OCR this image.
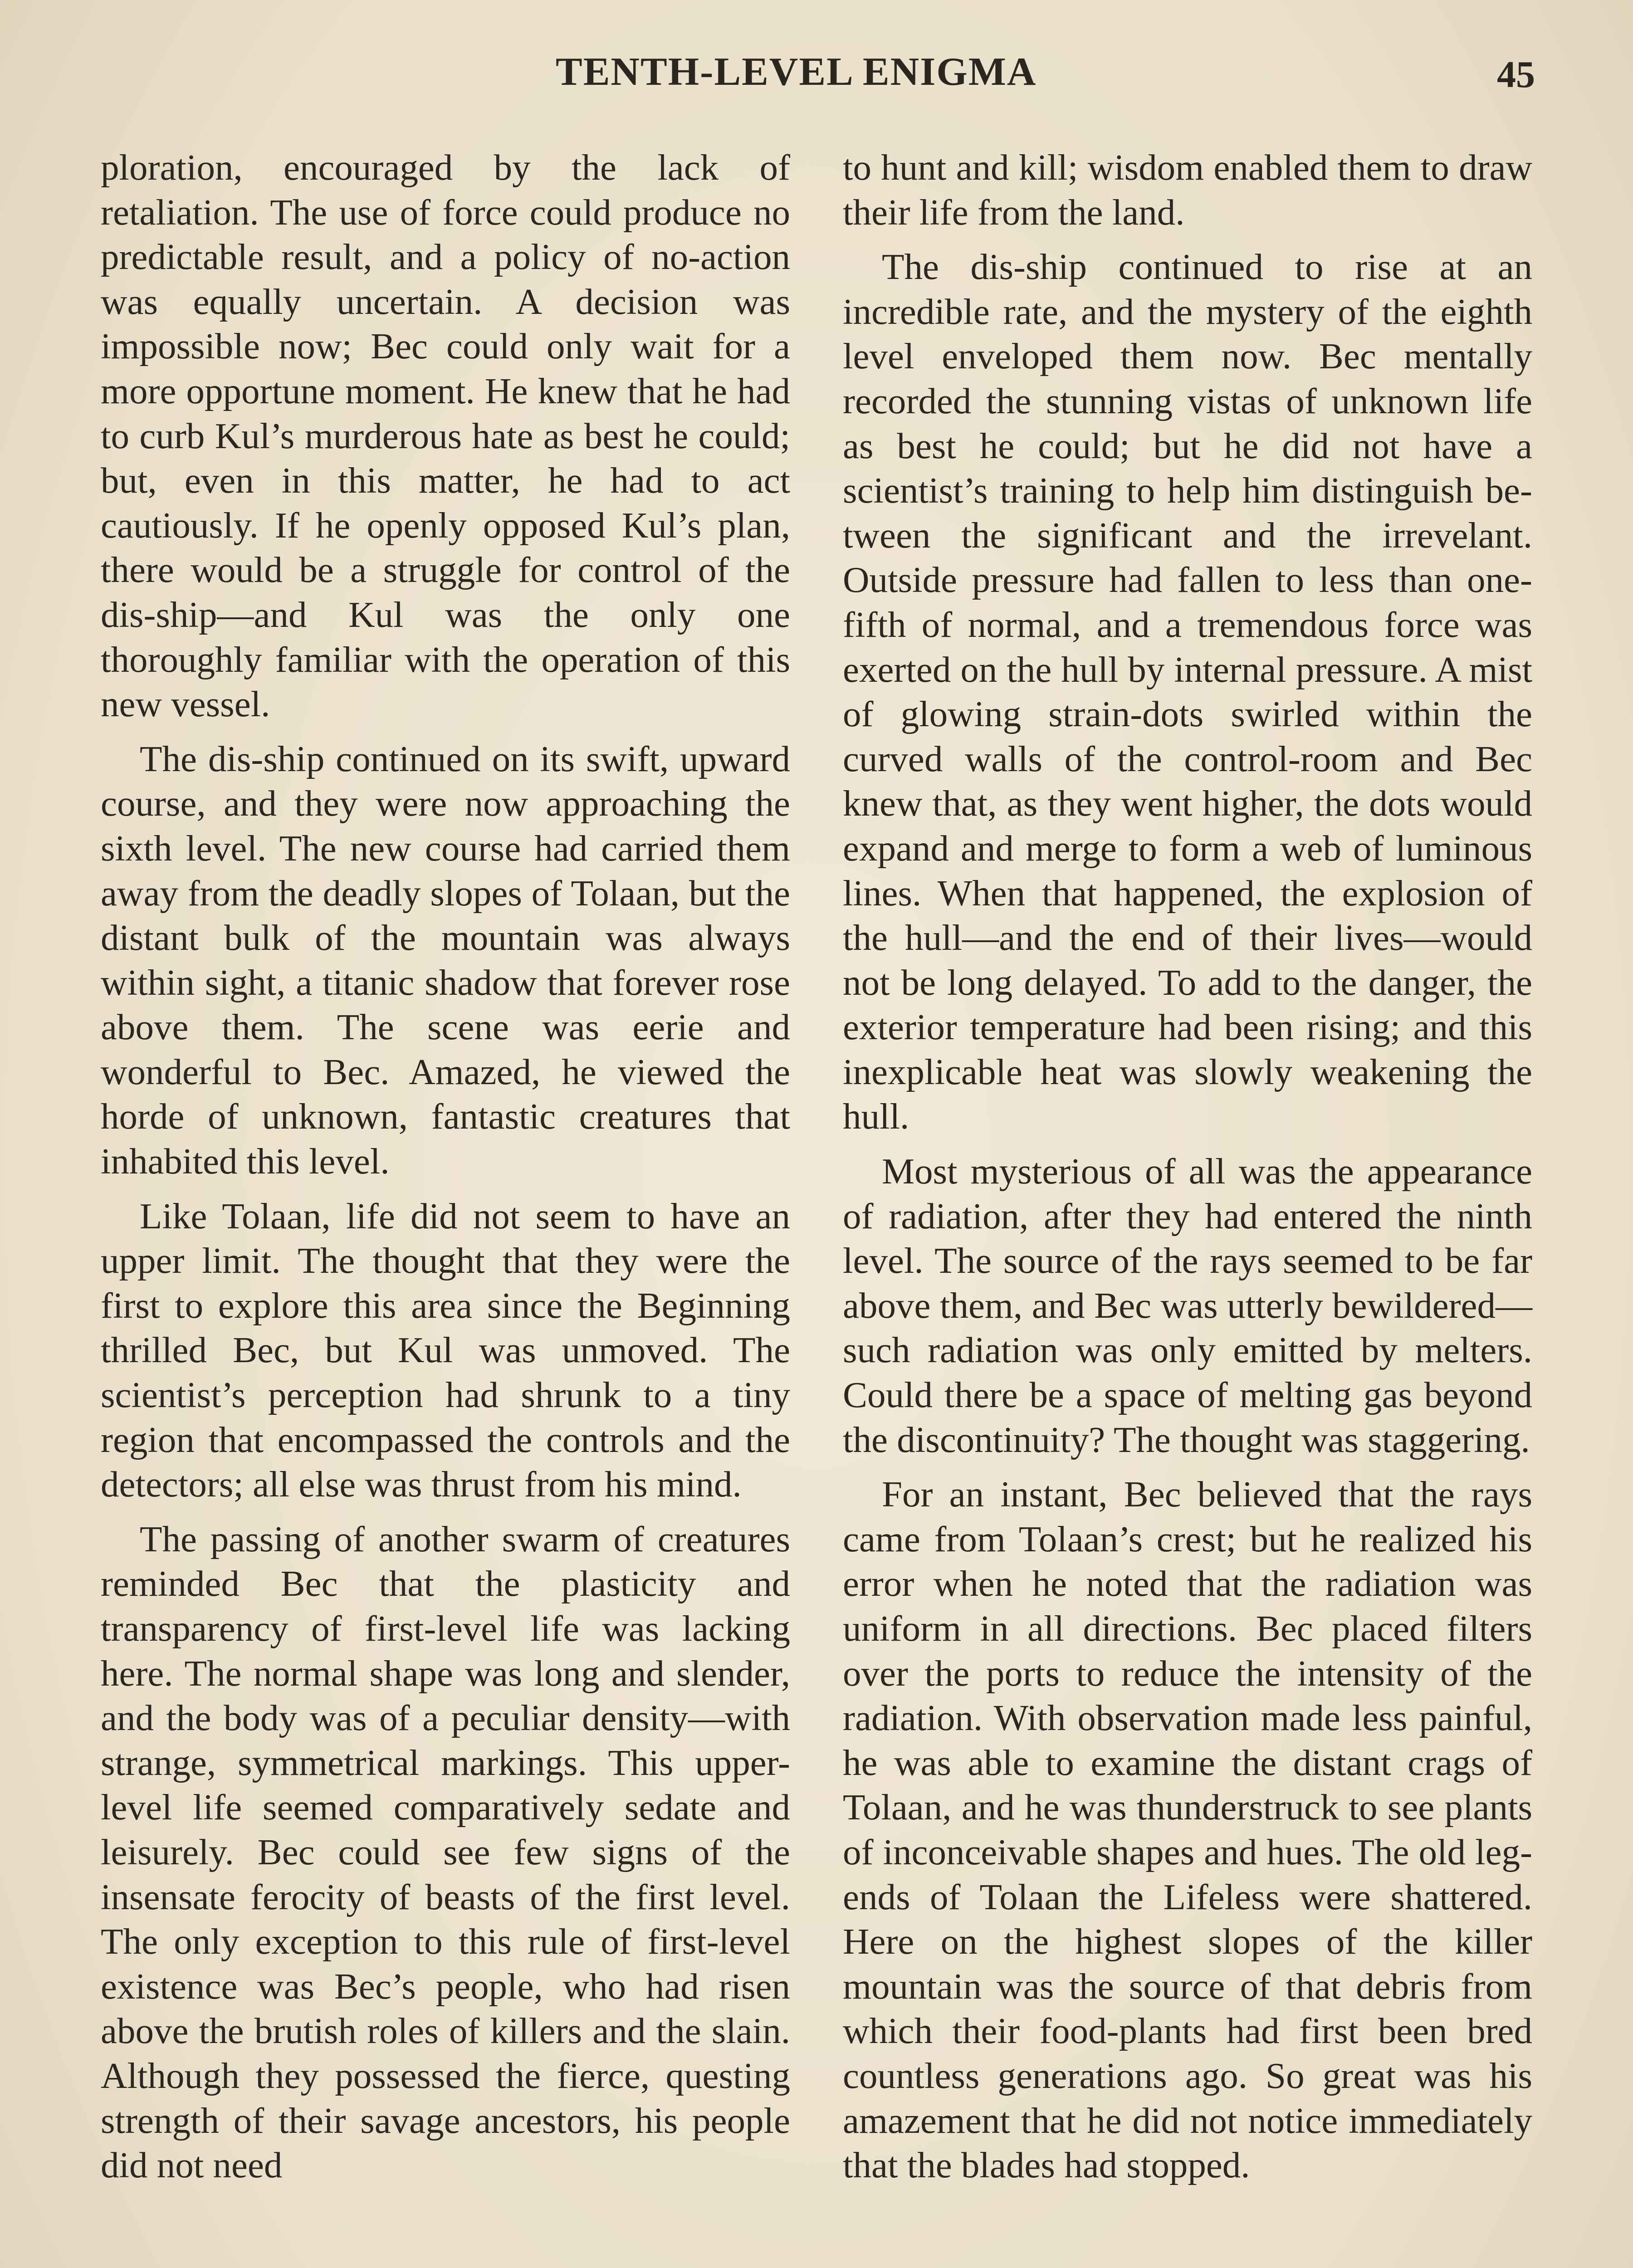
TENTH-LEVEL ENIGMA	45

ploration, encouraged by the lack of retaliation. The use of force could produce no predictable result, and a policy of no-action was equally uncertain. A decision was impossible now; Bec could only wait for a more opportune moment. He knew that he had to curb Kul’s murderous hate as best he could; but, even in this matter, he had to act cautiously. If he openly opposed Kul’s plan, there would be a struggle for control of the dis-ship—and Kul was the only one thoroughly familiar with the operation of this new vessel.

The dis-ship continued on its swift, upward course, and they were now approaching the sixth level. The new course had carried them away from the deadly slopes of Tolaan, but the distant bulk of the mountain was always within sight, a titanic shadow that forever rose above them. The scene was eerie and wonderful to Bec. Amazed, he viewed the horde of unknown, fantastic creatures that inhabited this level.

Like Tolaan, life did not seem to have an upper limit. The thought that they were the first to explore this area since the Beginning thrilled Bec, but Kul was unmoved. The scientist’s perception had shrunk to a tiny region that encompassed the controls and the detectors; all else was thrust from his mind.

The passing of another swarm of creatures reminded Bec that the plasticity and transparency of first-level life was lacking here. The normal shape was long and slender, and the body was of a peculiar density—with strange, symmetrical markings. This upper-level life seemed comparatively sedate and leisurely. Bec could see few signs of the insensate ferocity of beasts of the first level. The only exception to this rule of first-level existence was Bec’s people, who had risen above the brutish roles of killers and the slain. Although they possessed the fierce, questing strength of their savage ancestors, his people did not need

to hunt and kill; wisdom enabled them to draw their life from the land.

The dis-ship continued to rise at an incredible rate, and the mystery of the eighth level enveloped them now. Bec mentally recorded the stunning vistas of unknown life as best he could; but he did not have a scientist’s training to help him distinguish between the significant and the irrevelant. Outside pressure had fallen to less than one-fifth of normal, and a tremendous force was exerted on the hull by internal pressure. A mist of glowing strain-dots swirled within the curved walls of the control-room and Bec knew that, as they went higher, the dots would expand and merge to form a web of luminous lines. When that happened, the explosion of the hull—and the end of their lives—would not be long delayed. To add to the danger, the exterior temperature had been rising; and this inexplicable heat was slowly weakening the hull.

Most mysterious of all was the appearance of radiation, after they had entered the ninth level. The source of the rays seemed to be far above them, and Bec was utterly bewildered—such radiation was only emitted by melters. Could there be a space of melting gas beyond the discontinuity? The thought was staggering.

For an instant, Bec believed that the rays came from Tolaan’s crest; but he realized his error when he noted that the radiation was uniform in all directions. Bec placed filters over the ports to reduce the intensity of the radiation. With observation made less painful, he was able to examine the distant crags of Tolaan, and he was thunderstruck to see plants of inconceivable shapes and hues. The old legends of Tolaan the Lifeless were shattered. Here on the highest slopes of the killer mountain was the source of that debris from which their food-plants had first been bred countless generations ago. So great was his amazement that he did not notice immediately that the blades had stopped.
